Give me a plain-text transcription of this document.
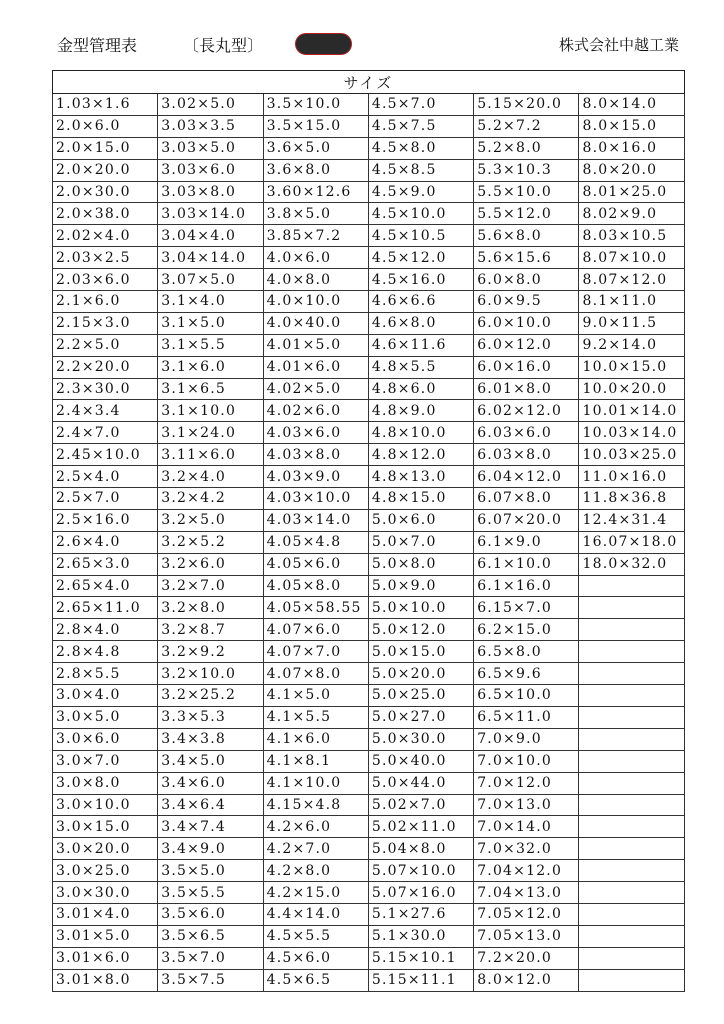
金型管理表	〔長丸型〕	株式会社中越工業
サイズ					
1.03×1.6	3.02×5.0	3.5×10.0	4.5×7.0	5.15×20.0	8.0×14.0
2.0×6.0	3.03×3.5	3.5×15.0	4.5×7.5	5.2×7.2	8.0×15.0
2.0×15.0	3.03×5.0	3.6×5.0	4.5×8.0	5.2×8.0	8.0×16.0
2.0×20.0	3.03×6.0	3.6×8.0	4.5×8.5	5.3×10.3	8.0×20.0
2.0×30.0	3.03×8.0	3.60×12.6	4.5×9.0	5.5×10.0	8.01×25.0
2.0×38.0	3.03×14.0	3.8×5.0	4.5×10.0	5.5×12.0	8.02×9.0
2.02×4.0	3.04×4.0	3.85×7.2	4.5×10.5	5.6×8.0	8.03×10.5
2.03×2.5	3.04×14.0	4.0×6.0	4.5×12.0	5.6×15.6	8.07×10.0
2.03×6.0	3.07×5.0	4.0×8.0	4.5×16.0	6.0×8.0	8.07×12.0
2.1×6.0	3.1×4.0	4.0×10.0	4.6×6.6	6.0×9.5	8.1×11.0
2.15×3.0	3.1×5.0	4.0×40.0	4.6×8.0	6.0×10.0	9.0×11.5
2.2×5.0	3.1×5.5	4.01×5.0	4.6×11.6	6.0×12.0	9.2×14.0
2.2×20.0	3.1×6.0	4.01×6.0	4.8×5.5	6.0×16.0	10.0×15.0
2.3×30.0	3.1×6.5	4.02×5.0	4.8×6.0	6.01×8.0	10.0×20.0
2.4×3.4	3.1×10.0	4.02×6.0	4.8×9.0	6.02×12.0	10.01×14.0
2.4×7.0	3.1×24.0	4.03×6.0	4.8×10.0	6.03×6.0	10.03×14.0
2.45×10.0	3.11×6.0	4.03×8.0	4.8×12.0	6.03×8.0	10.03×25.0
2.5×4.0	3.2×4.0	4.03×9.0	4.8×13.0	6.04×12.0	11.0×16.0
2.5×7.0	3.2×4.2	4.03×10.0	4.8×15.0	6.07×8.0	11.8×36.8
2.5×16.0	3.2×5.0	4.03×14.0	5.0×6.0	6.07×20.0	12.4×31.4
2.6×4.0	3.2×5.2	4.05×4.8	5.0×7.0	6.1×9.0	16.07×18.0
2.65×3.0	3.2×6.0	4.05×6.0	5.0×8.0	6.1×10.0	18.0×32.0
2.65×4.0	3.2×7.0	4.05×8.0	5.0×9.0	6.1×16.0	
2.65×11.0	3.2×8.0	4.05×58.55	5.0×10.0	6.15×7.0	
2.8×4.0	3.2×8.7	4.07×6.0	5.0×12.0	6.2×15.0	
2.8×4.8	3.2×9.2	4.07×7.0	5.0×15.0	6.5×8.0	
2.8×5.5	3.2×10.0	4.07×8.0	5.0×20.0	6.5×9.6	
3.0×4.0	3.2×25.2	4.1×5.0	5.0×25.0	6.5×10.0	
3.0×5.0	3.3×5.3	4.1×5.5	5.0×27.0	6.5×11.0	
3.0×6.0	3.4×3.8	4.1×6.0	5.0×30.0	7.0×9.0	
3.0×7.0	3.4×5.0	4.1×8.1	5.0×40.0	7.0×10.0	
3.0×8.0	3.4×6.0	4.1×10.0	5.0×44.0	7.0×12.0	
3.0×10.0	3.4×6.4	4.15×4.8	5.02×7.0	7.0×13.0	
3.0×15.0	3.4×7.4	4.2×6.0	5.02×11.0	7.0×14.0	
3.0×20.0	3.4×9.0	4.2×7.0	5.04×8.0	7.0×32.0	
3.0×25.0	3.5×5.0	4.2×8.0	5.07×10.0	7.04×12.0	
3.0×30.0	3.5×5.5	4.2×15.0	5.07×16.0	7.04×13.0	
3.01×4.0	3.5×6.0	4.4×14.0	5.1×27.6	7.05×12.0	
3.01×5.0	3.5×6.5	4.5×5.5	5.1×30.0	7.05×13.0	
3.01×6.0	3.5×7.0	4.5×6.0	5.15×10.1	7.2×20.0	
3.01×8.0	3.5×7.5	4.5×6.5	5.15×11.1	8.0×12.0	
